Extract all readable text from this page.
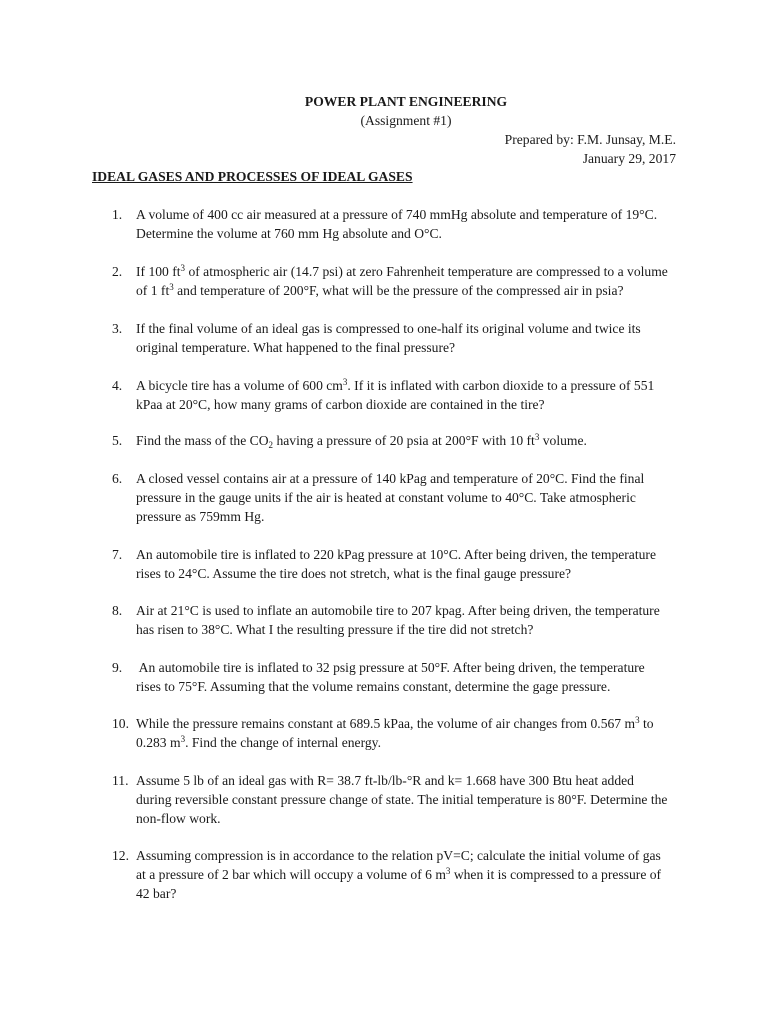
POWER PLANT ENGINEERING
(Assignment #1)
Prepared by: F.M. Junsay, M.E.
January 29, 2017
IDEAL GASES AND PROCESSES OF IDEAL GASES
1. A volume of 400 cc air measured at a pressure of 740 mmHg absolute and temperature of 19°C.
Determine the volume at 760 mm Hg absolute and O°C.
2. If 100 $ft^3$ of atmospheric air (14.7 psi) at zero Fahrenheit temperature are compressed to a volume
of 1 $ft^3$ and temperature of 200°F, what will be the pressure of the compressed air in psia?
3. If the final volume of an ideal gas is compressed to one-half its original volume and twice its
original temperature. What happened to the final pressure?
4. A bicycle tire has a volume of 600 $cm^3$. If it is inflated with carbon dioxide to a pressure of 551
kPaa at 20°C, how many grams of carbon dioxide are contained in the tire?
5. Find the mass of the $CO_2$ having a pressure of 20 psia at 200°F with 10 $ft^3$ volume.
6. A closed vessel contains air at a pressure of 140 kPag and temperature of 20°C. Find the final
pressure in the gauge units if the air is heated at constant volume to 40°C. Take atmospheric
pressure as 759mm Hg.
7. An automobile tire is inflated to 220 kPag pressure at 10°C. After being driven, the temperature
rises to 24°C. Assume the tire does not stretch, what is the final gauge pressure?
8. Air at 21°C is used to inflate an automobile tire to 207 kpag. After being driven, the temperature
has risen to 38°C. What I the resulting pressure if the tire did not stretch?
9. An automobile tire is inflated to 32 psig pressure at 50°F. After being driven, the temperature
rises to 75°F. Assuming that the volume remains constant, determine the gage pressure.
10. While the pressure remains constant at 689.5 kPaa, the volume of air changes from 0.567 $m^3$ to
0.283 $m^3$. Find the change of internal energy.
11. Assume 5 lb of an ideal gas with R= 38.7 ft-lb/lb-°R and k= 1.668 have 300 Btu heat added
during reversible constant pressure change of state. The initial temperature is 80°F. Determine the
non-flow work.
12. Assuming compression is in accordance to the relation pV=C; calculate the initial volume of gas
at a pressure of 2 bar which will occupy a volume of 6 $m^3$ when it is compressed to a pressure of
42 bar?
